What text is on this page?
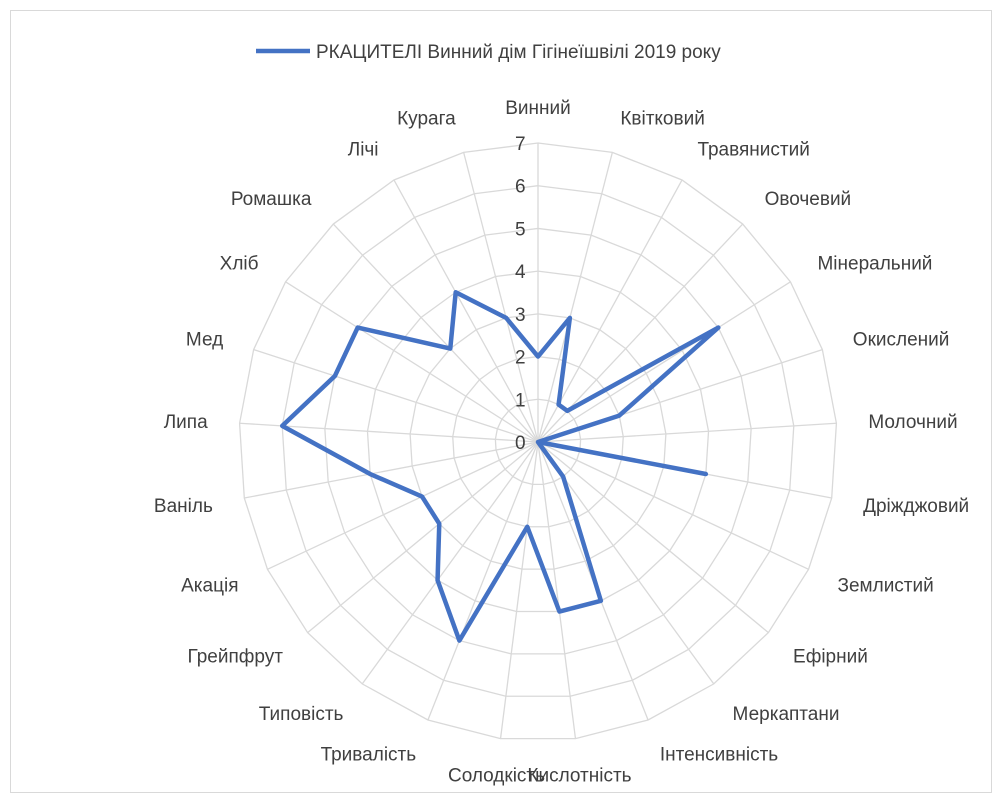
РКАЦИТЕЛІ Винний дім Гігінеїшвілі 2019 року
0
1
2
3
4
5
6
7
Винний
Квітковий
Травянистий
Овочевий
Мінеральний
Окислений
Молочний
Дріжджовий
Землистий
Ефірний
Меркаптани
Інтенсивність
Кислотність
Солодкість
Тривалість
Типовість
Грейпфрут
Акація
Ваніль
Липа
Мед
Хліб
Ромашка
Лічі
Курага
